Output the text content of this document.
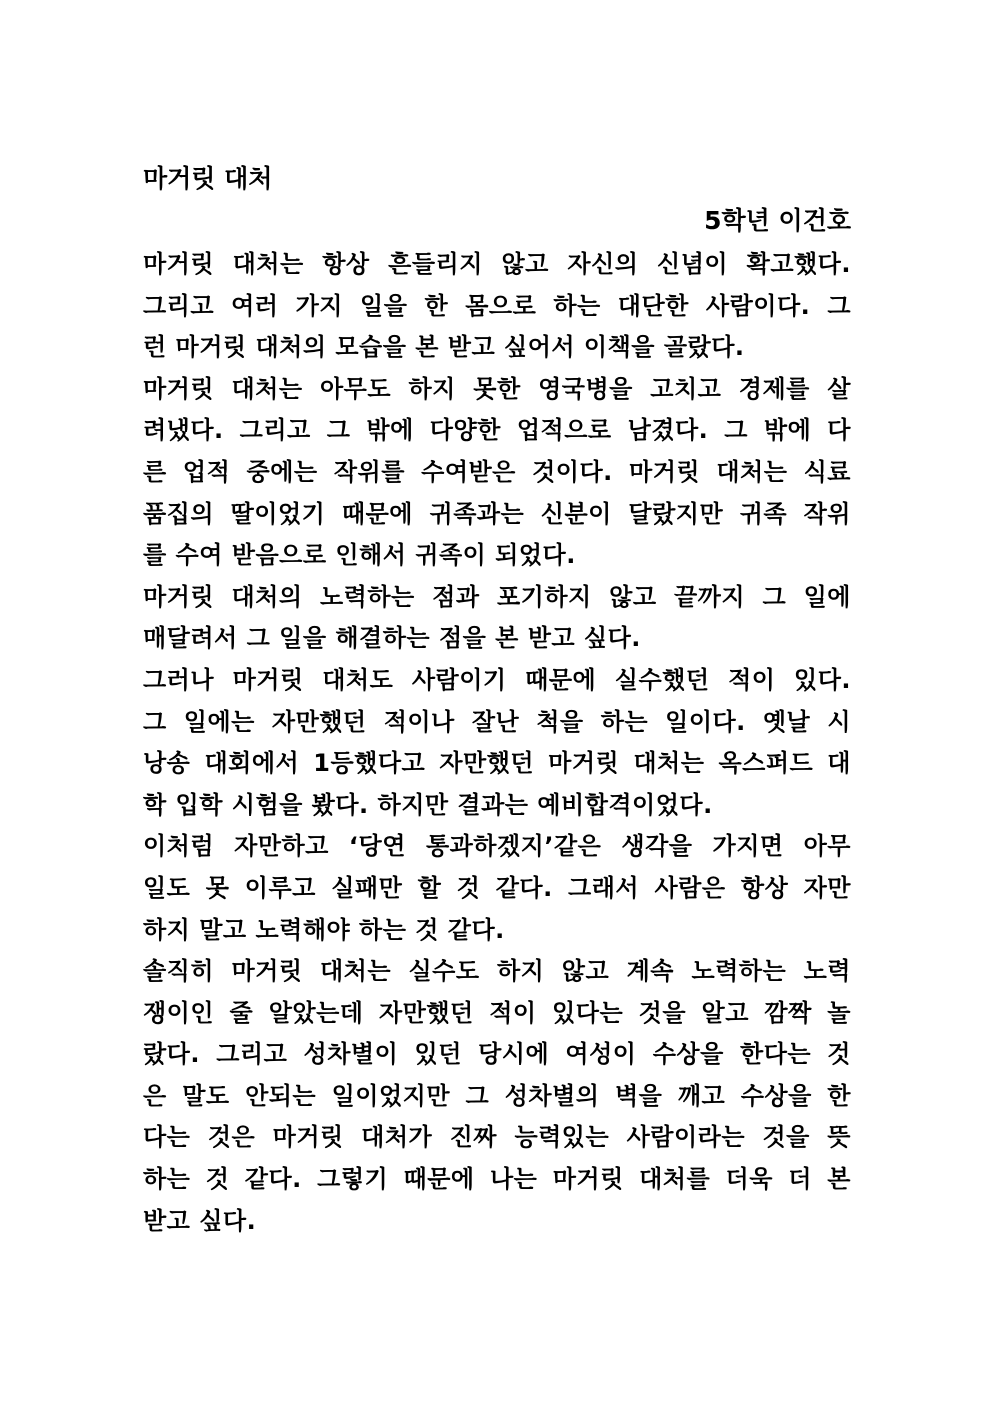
마거릿 대처
5학년 이건호
마거릿 대처는 항상 흔들리지 않고 자신의 신념이 확고했다.
그리고 여러 가지 일을 한 몸으로 하는 대단한 사람이다. 그
런 마거릿 대처의 모습을 본 받고 싶어서 이책을 골랐다.
마거릿 대처는 아무도 하지 못한 영국병을 고치고 경제를 살
려냈다. 그리고 그 밖에 다양한 업적으로 남겼다. 그 밖에 다
른 업적 중에는 작위를 수여받은 것이다. 마거릿 대처는 식료
품집의 딸이었기 때문에 귀족과는 신분이 달랐지만 귀족 작위
를 수여 받음으로 인해서 귀족이 되었다.
마거릿 대처의 노력하는 점과 포기하지 않고 끝까지 그 일에
매달려서 그 일을 해결하는 점을 본 받고 싶다.
그러나 마거릿 대처도 사람이기 때문에 실수했던 적이 있다.
그 일에는 자만했던 적이나 잘난 척을 하는 일이다. 옛날 시
낭송 대회에서 1등했다고 자만했던 마거릿 대처는 옥스퍼드 대
학 입학 시험을 봤다. 하지만 결과는 예비합격이었다.
이처럼 자만하고 ‘당연 통과하겠지’같은 생각을 가지면 아무
일도 못 이루고 실패만 할 것 같다. 그래서 사람은 항상 자만
하지 말고 노력해야 하는 것 같다.
솔직히 마거릿 대처는 실수도 하지 않고 계속 노력하는 노력
쟁이인 줄 알았는데 자만했던 적이 있다는 것을 알고 깜짝 놀
랐다. 그리고 성차별이 있던 당시에 여성이 수상을 한다는 것
은 말도 안되는 일이었지만 그 성차별의 벽을 깨고 수상을 한
다는 것은 마거릿 대처가 진짜 능력있는 사람이라는 것을 뜻
하는 것 같다. 그렇기 때문에 나는 마거릿 대처를 더욱 더 본
받고 싶다.
